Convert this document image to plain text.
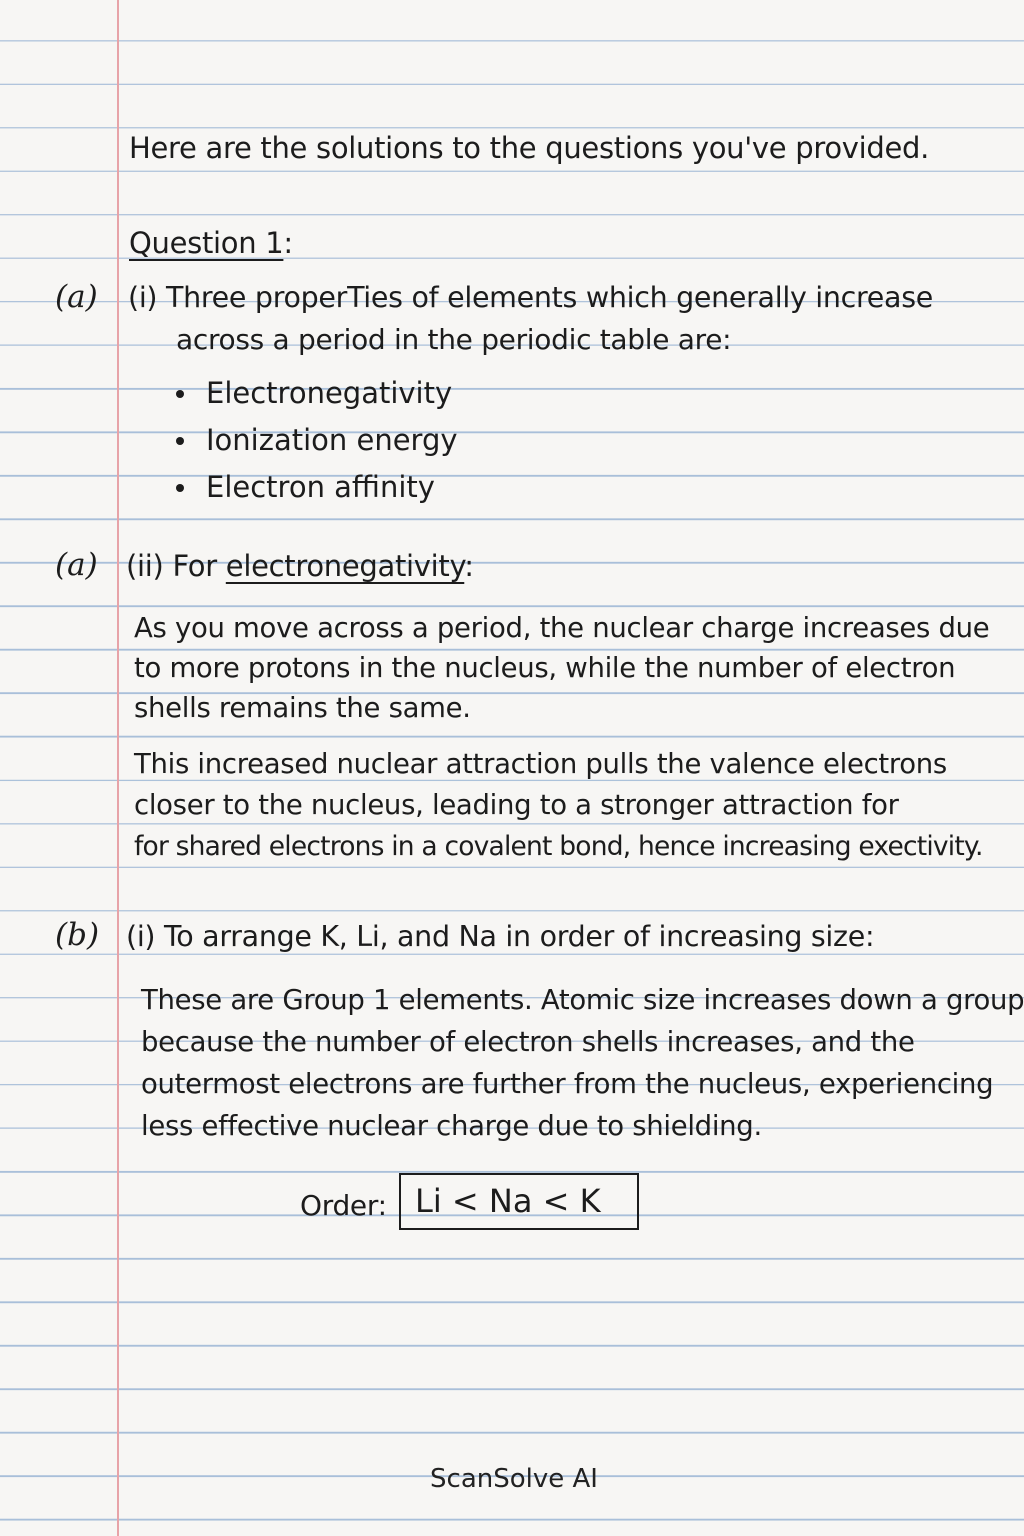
Here are the solutions to the questions you've provided.
Question 1:
(a) (i) Three properTies of elements which generally increase
across a period in the periodic table are:
Electronegativity
Ionization energy
Electron affinity
(a) (ii) For electronegativity:
As you move across a period, the nuclear charge increases due
to more protons in the nucleus, while the number of electron
shells remains the same.
This increased nuclear attraction pulls the valence electrons
closer to the nucleus, leading to a stronger attraction for
for shared electrons in a covalent bond, hence increasing exectivity.
(b) (i) To arrange K, Li, and Na in order of increasing size:
These are Group 1 elements. Atomic size increases down a group
because the number of electron shells increases, and the
outermost electrons are further from the nucleus, experiencing
less effective nuclear charge due to shielding.
Order: Li < Na < K
ScanSolve AI
